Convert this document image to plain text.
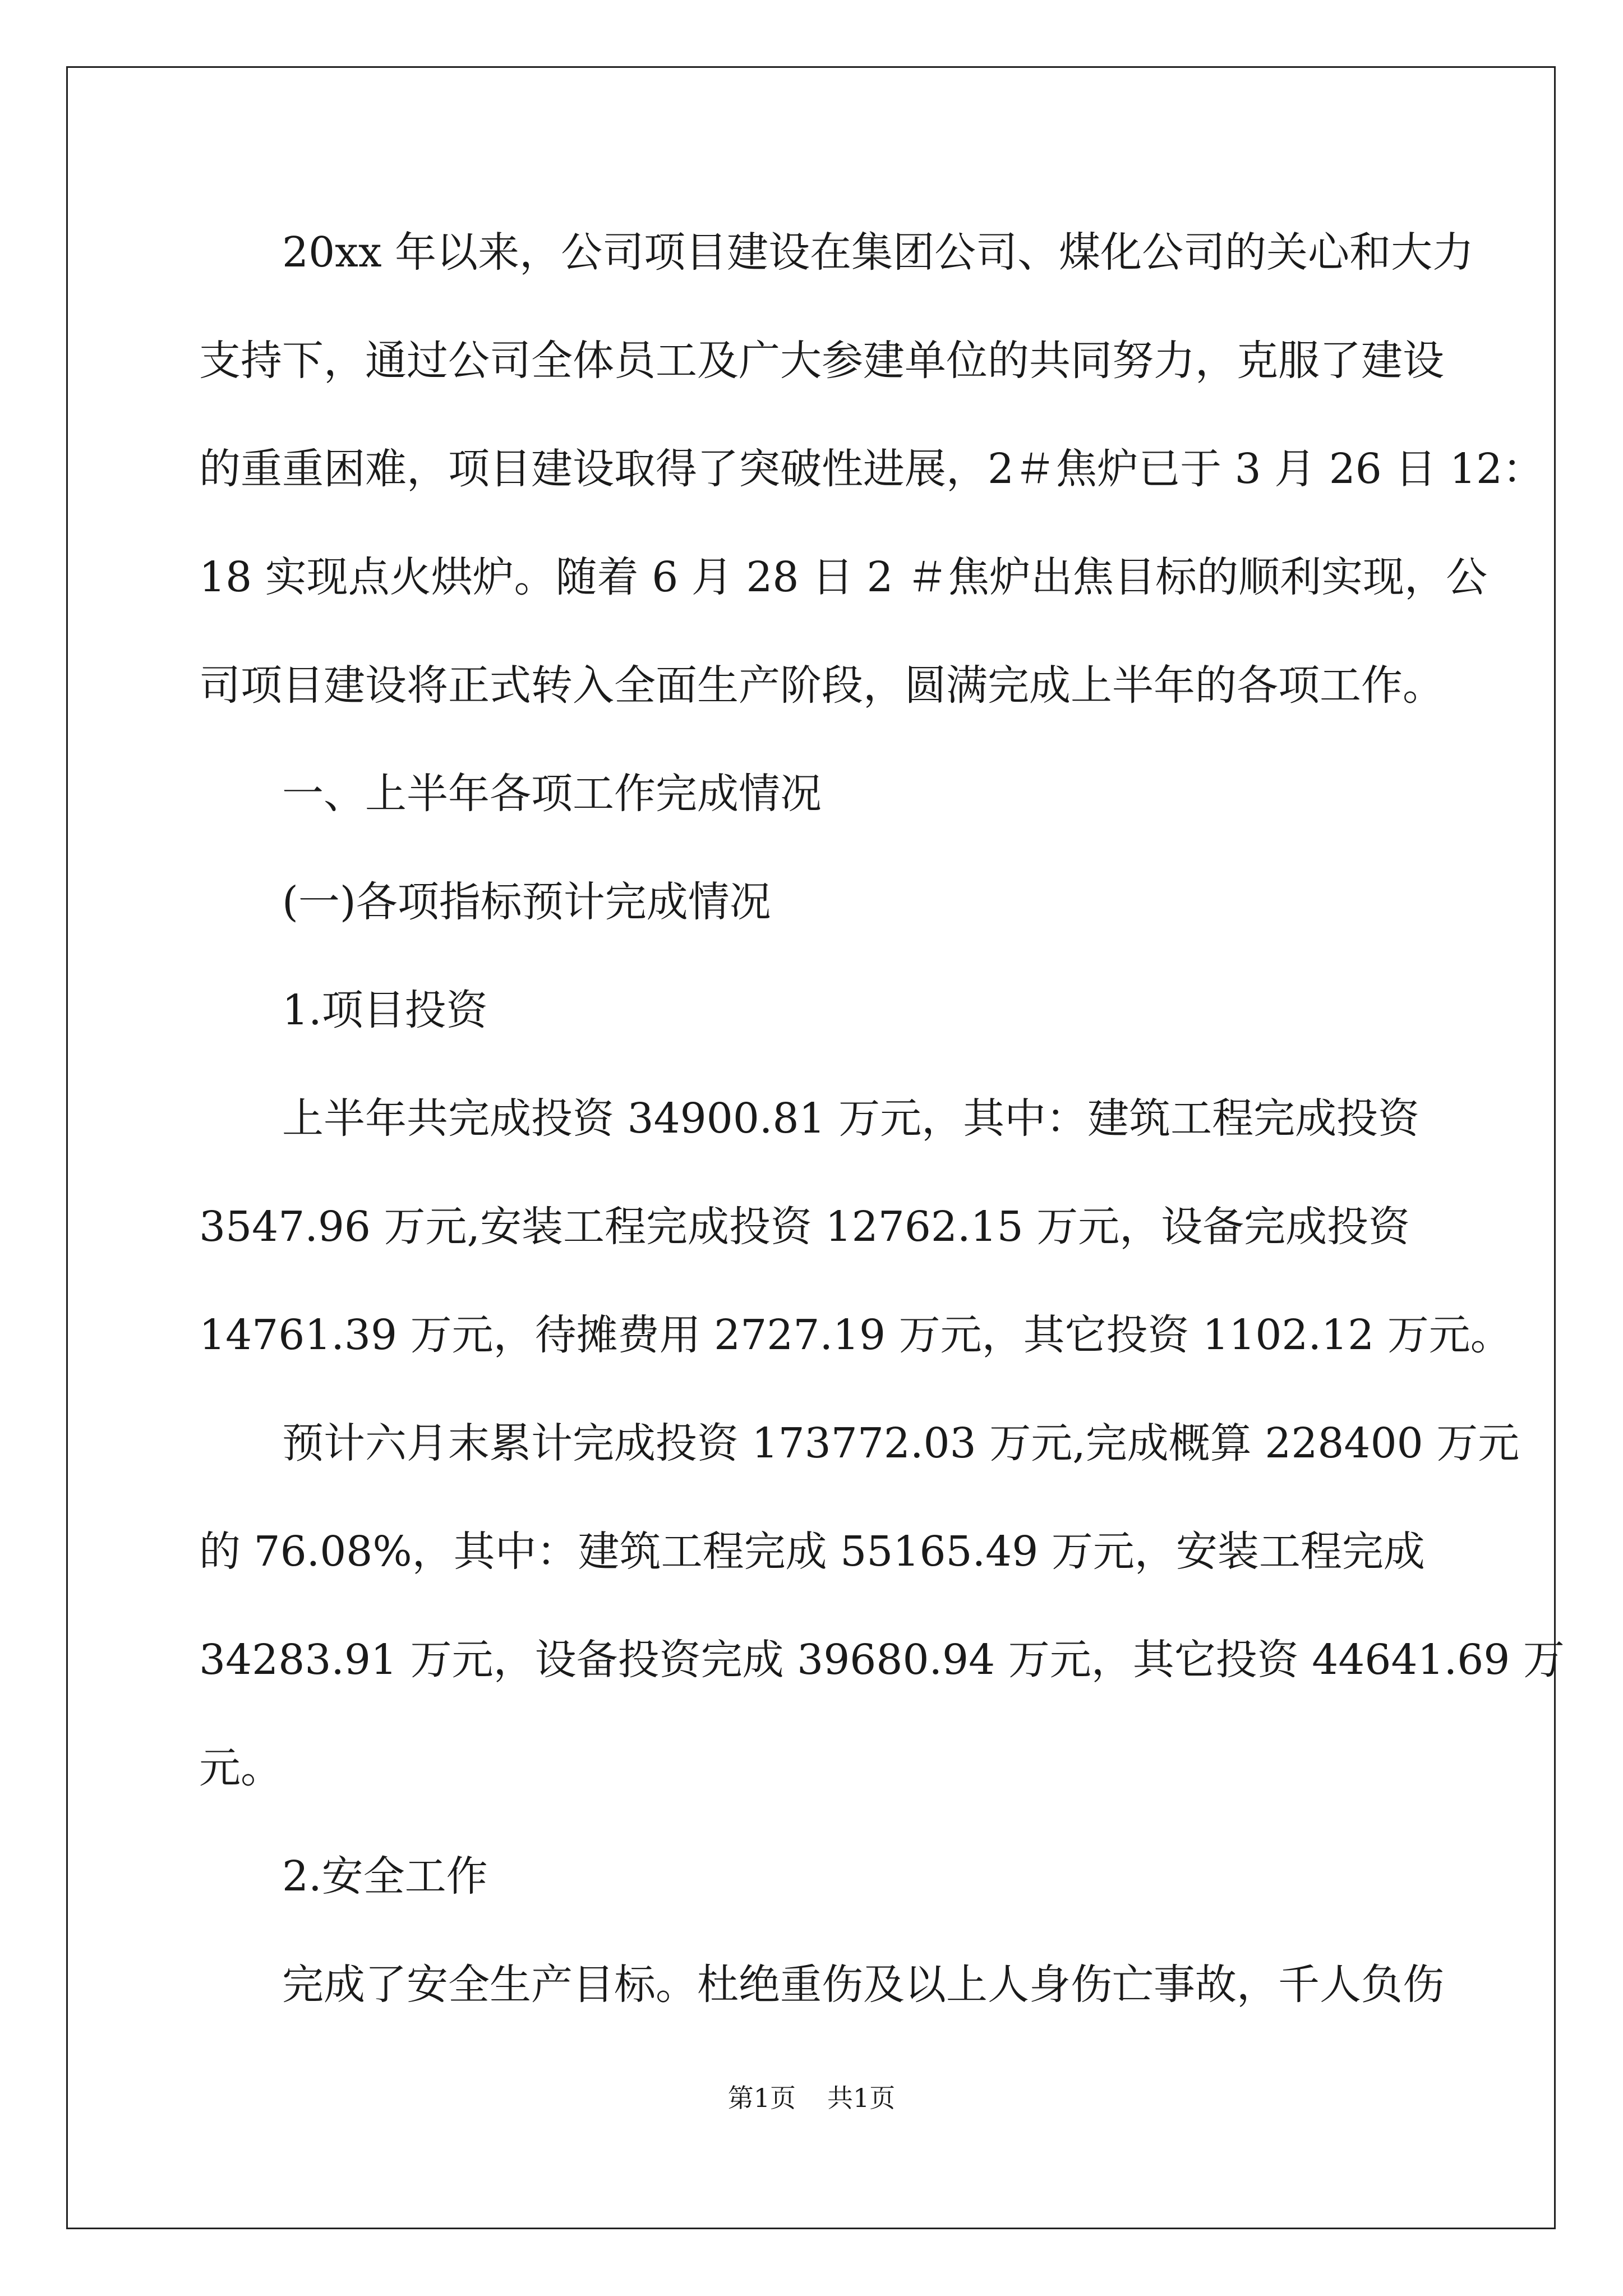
20xx 年以来，公司项目建设在集团公司、煤化公司的关心和大力
支持下，通过公司全体员工及广大参建单位的共同努力，克服了建设
的重重困难，项目建设取得了突破性进展，2＃焦炉已于 3 月 26 日 12：
18 实现点火烘炉。随着 6 月 28 日 2 ＃焦炉出焦目标的顺利实现，公
司项目建设将正式转入全面生产阶段，圆满完成上半年的各项工作。
一、上半年各项工作完成情况
(一)各项指标预计完成情况
1.项目投资
上半年共完成投资 34900.81 万元，其中：建筑工程完成投资
3547.96 万元,安装工程完成投资 12762.15 万元，设备完成投资
14761.39 万元，待摊费用 2727.19 万元，其它投资 1102.12 万元。
预计六月末累计完成投资 173772.03 万元,完成概算 228400 万元
的 76.08%，其中：建筑工程完成 55165.49 万元，安装工程完成
34283.91 万元，设备投资完成 39680.94 万元，其它投资 44641.69 万
元。
2.安全工作
完成了安全生产目标。杜绝重伤及以上人身伤亡事故，千人负伤
第1页 共1页
